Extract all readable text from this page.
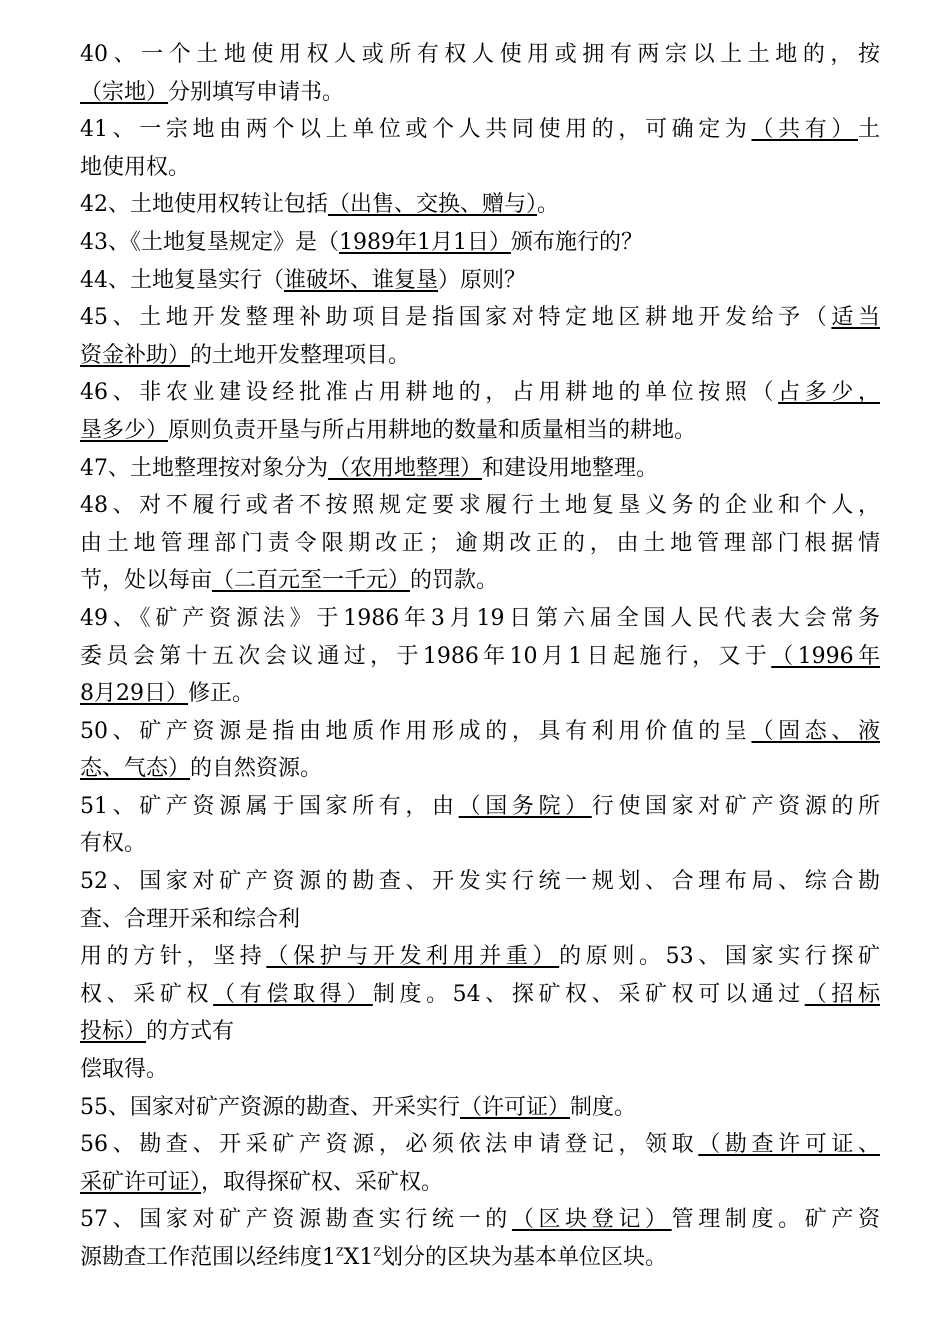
40、一个土地使用权人或所有权人使用或拥有两宗以上土地的，按
（宗地）分别填写申请书。
41、一宗地由两个以上单位或个人共同使用的，可确定为（共有）土
地使用权。
42、土地使用权转让包括（出售、交换、赠与）。
43、《土地复垦规定》是（1989年1月1日）颁布施行的？
44、土地复垦实行（谁破坏、谁复垦）原则？
45、土地开发整理补助项目是指国家对特定地区耕地开发给予（适当
资金补助）的土地开发整理项目。
46、非农业建设经批准占用耕地的，占用耕地的单位按照（占多少，
垦多少）原则负责开垦与所占用耕地的数量和质量相当的耕地。
47、土地整理按对象分为（农用地整理）和建设用地整理。
48、对不履行或者不按照规定要求履行土地复垦义务的企业和个人，
由土地管理部门责令限期改正；逾期改正的，由土地管理部门根据情
节，处以每亩（二百元至一千元）的罚款。
49、《矿产资源法》于1986年3月19日第六届全国人民代表大会常务
委员会第十五次会议通过，于1986年10月1日起施行，又于（1996年
8月29日）修正。
50、矿产资源是指由地质作用形成的，具有利用价值的呈（固态、液
态、气态）的自然资源。
51、矿产资源属于国家所有，由（国务院）行使国家对矿产资源的所
有权。
52、国家对矿产资源的勘查、开发实行统一规划、合理布局、综合勘
查、合理开采和综合利
用的方针，坚持（保护与开发利用并重）的原则。53、国家实行探矿
权、采矿权（有偿取得）制度。54、探矿权、采矿权可以通过（招标
投标）的方式有
偿取得。
55、国家对矿产资源的勘查、开采实行（许可证）制度。
56、勘查、开采矿产资源，必须依法申请登记，领取（勘查许可证、
采矿许可证），取得探矿权、采矿权。
57、国家对矿产资源勘查实行统一的（区块登记）管理制度。矿产资
源勘查工作范围以经纬度$1^ZX1^Z$划分的区块为基本单位区块。
